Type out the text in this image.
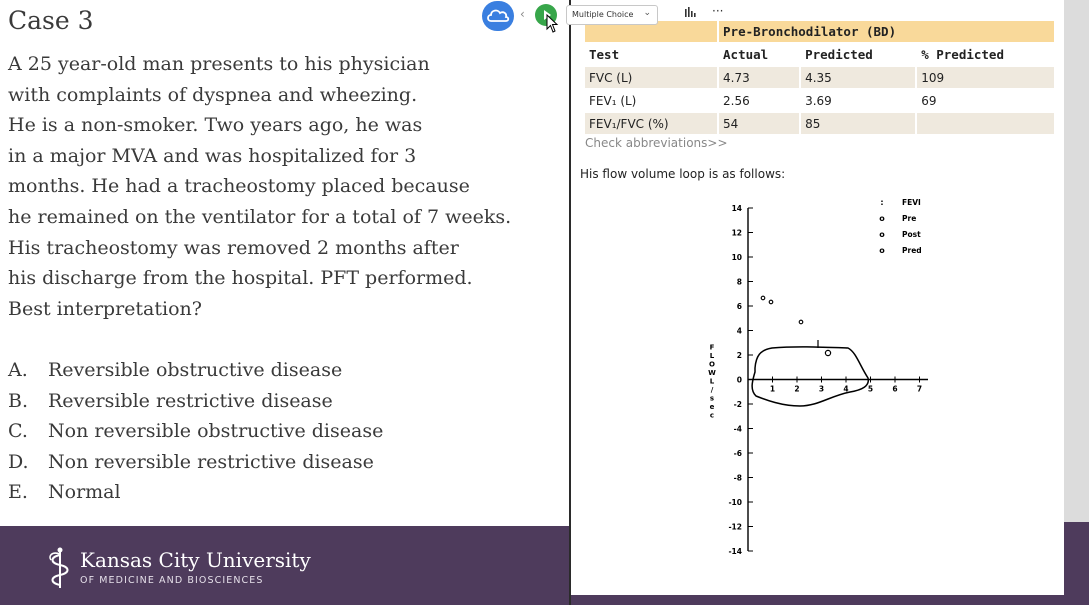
Case 3
A 25 year-old man presents to his physician
with complaints of dyspnea and wheezing.
He is a non-smoker. Two years ago, he was
in a major MVA and was hospitalized for 3
months. He had a tracheostomy placed because
he remained on the ventilator for a total of 7 weeks.
His tracheostomy was removed 2 months after
his discharge from the hospital. PFT performed.
Best interpretation?
A. Reversible obstructive disease
B. Reversible restrictive disease
C. Non reversible obstructive disease
D. Non reversible restrictive disease
E. Normal
Kansas City University
OF MEDICINE AND BIOSCIENCES
	Pre-Bronchodilator (BD)		
Test	Actual	Predicted	% Predicted
FVC (L)	4.73	4.35	109
FEV₁ (L)	2.56	3.69	69
FEV₁/FVC (%)	54	85	
Check abbreviations>>
His flow volume loop is as follows:
14
12
10
8
6
4
2
0
-2
-4
-6
-8
-10
-12
-14
1	2	3	4	5	6	7
F
L
O
W
L
/
s
e
c
: FEVI
o Pre
o Post
o Pred
‹	Multiple Choice ⌄	···
